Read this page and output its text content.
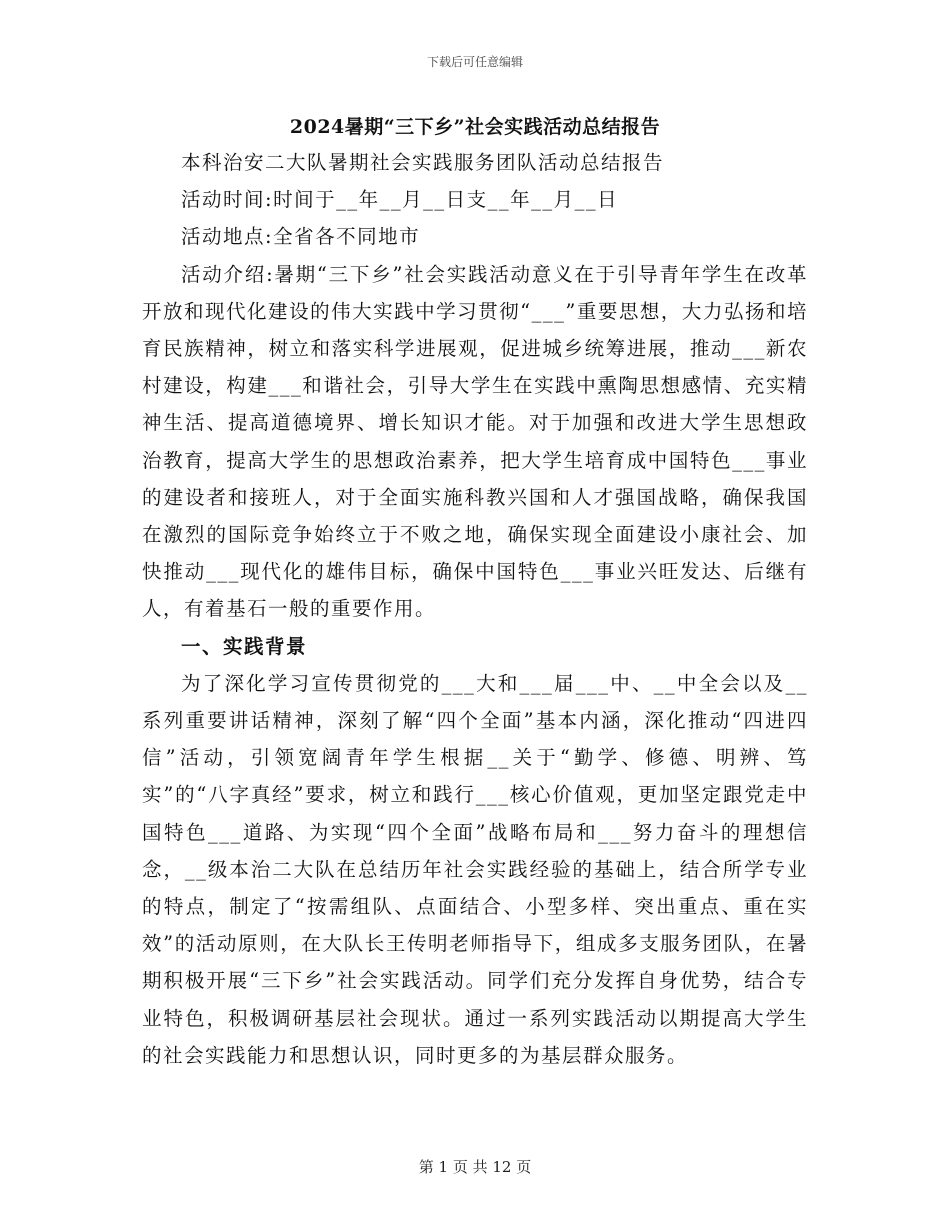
下载后可任意编辑
2024暑期“三下乡”社会实践活动总结报告

本科治安二大队暑期社会实践服务团队活动总结报告

活动时间:时间于__年__月__日支__年__月__日

活动地点:全省各不同地市

活动介绍:暑期“三下乡”社会实践活动意义在于引导青年学生在改革开放和现代化建设的伟大实践中学习贯彻“___”重要思想，大力弘扬和培育民族精神，树立和落实科学进展观，促进城乡统筹进展，推动___新农村建设，构建___和谐社会，引导大学生在实践中熏陶思想感情、充实精神生活、提高道德境界、增长知识才能。对于加强和改进大学生思想政治教育，提高大学生的思想政治素养，把大学生培育成中国特色___事业的建设者和接班人，对于全面实施科教兴国和人才强国战略，确保我国在激烈的国际竞争始终立于不败之地，确保实现全面建设小康社会、加快推动___现代化的雄伟目标，确保中国特色___事业兴旺发达、后继有人，有着基石一般的重要作用。

一、实践背景

为了深化学习宣传贯彻党的___大和___届___中、__中全会以及__系列重要讲话精神，深刻了解“四个全面”基本内涵，深化推动“四进四信”活动，引领宽阔青年学生根据__关于“勤学、修德、明辨、笃实”的“八字真经”要求，树立和践行___核心价值观，更加坚定跟党走中国特色___道路、为实现“四个全面”战略布局和___努力奋斗的理想信念，__级本治二大队在总结历年社会实践经验的基础上，结合所学专业的特点，制定了“按需组队、点面结合、小型多样、突出重点、重在实效”的活动原则，在大队长王传明老师指导下，组成多支服务团队，在暑期积极开展“三下乡”社会实践活动。同学们充分发挥自身优势，结合专业特色，积极调研基层社会现状。通过一系列实践活动以期提高大学生的社会实践能力和思想认识，同时更多的为基层群众服务。

第 1 页 共 12 页
